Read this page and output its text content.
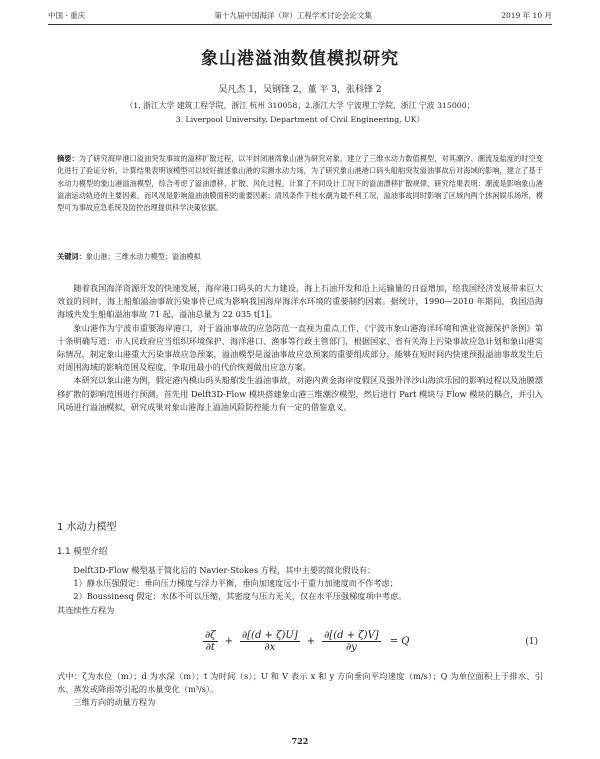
中国 · 重庆	第十九届中国海洋（岸）工程学术讨论会论文集	2019 年 10 月
象山港溢油数值模拟研究
吴凡杰 1，吴钢锋 2，董 平 3，张科锋 2
（1. 浙江大学 建筑工程学院，浙江 杭州 310058；2.浙江大学 宁波理工学院，浙江 宁波 315000；
3. Liverpool University, Department of Civil Engineering, UK）
摘要：为了研究海岸港口溢油突发事故的溢移扩散过程，以半封闭港湾象山港为研究对象，建立了三维水动力数值模型，对其潮汐、潮流及盐度的时空变化进行了验证分析，计算结果表明该模型可以较好描述象山港的实测水动力场，为了研究象山港港口码头船舶突发溢油事故后对海域的影响，建立了基于水动力模型的象山港溢油模型，综合考虑了溢油漂移、扩散、风化过程，计算了不同设计工况下的溢油漂移扩散规律，研究结果表明：潮流是影响象山港溢油运动轨迹的主要因素，而风况是影响溢油油膜面积的重要因素；清风条件下桂水潮为最不利工况，溢油事故同时影响了区域内两个休闲娱乐场所，模型可为事故应急系统及防控治理提供科学决策依据。
关键词：象山港；三维水动力模型；溢油模拟

随着我国海洋资源开发的快速发展，海岸港口码头的大力建设，海上石油开发和沿上运输量的日益增加，给我国经济发展带来巨大效益的同时，海上船舶溢油事故污染事件已成为影响我国海岸海洋水环境的重要制约因素。据统计，1990—2010 年期间，我国沿海海域共发生船舶溢油事故 71 起，溢油总量为 22 035 t[1]。

象山港作为宁波市重要海岸港口，对于溢油事故的应急防范一直视为重点工作，《宁波市象山港海洋环境和渔业资源保护条例》第十条明确写道：市人民政府应当组织环境保护、海洋港口、渔事等行政主管部门，根据国家、省有关海上污染事故应急计划和象山港实际情况，制定象山港重大污染事故应急预案，溢油模型是溢油事故应急预案的重要组成部分，能够在短时间内快速预报溢油事故发生后对周围海域的影响范围及程度，争取用最小的代价恢遏做出应急方案。

本研究以象山港为例，假定港内模山码头船舶发生溢油事故，对港内黄金海岸度假区及强外洋沙山海滨乐园的影响过程以及油膜漂移扩散的影响范围进行预测。首先用 Delft3D-Flow 模块搭建象山港三维潮汐模型，然后进行 Part 模块与 Flow 模块的耦合，并引入风场进行溢油模拟，研究成果对象山港海上溢油风险防控能力有一定的借鉴意义。

1 水动力模型
1.1 模型介绍

Delft3D-Flow 模型基于简化后的 Navier-Stokes 方程，其中主要的简化假设有：

1）静水压强假定：垂向压力梯度与浮力平衡，垂向加速度远小于重力加速度而不作考虑；

2）Boussinesq 假定：水体不可以压缩，其密度与压力无关，仅在水平压强梯度项中考虑。

其连续性方程为

$\frac{\partial\zeta}{\partial t} + \frac{\partial[(d + \zeta)U]}{\partial x} + \frac{\partial[(d + \zeta)V]}{\partial y} = Q$	(1)

式中：ζ为水位（m）；d 为水深（m）；t 为时间（s）；U 和 V 表示 x 和 y 方向垂向平均速度（m/s）；Q 为单位面积上于排水、引水、蒸发或降雨等引起的水量变化（m³/s）。

三维方向的动量方程为

722
